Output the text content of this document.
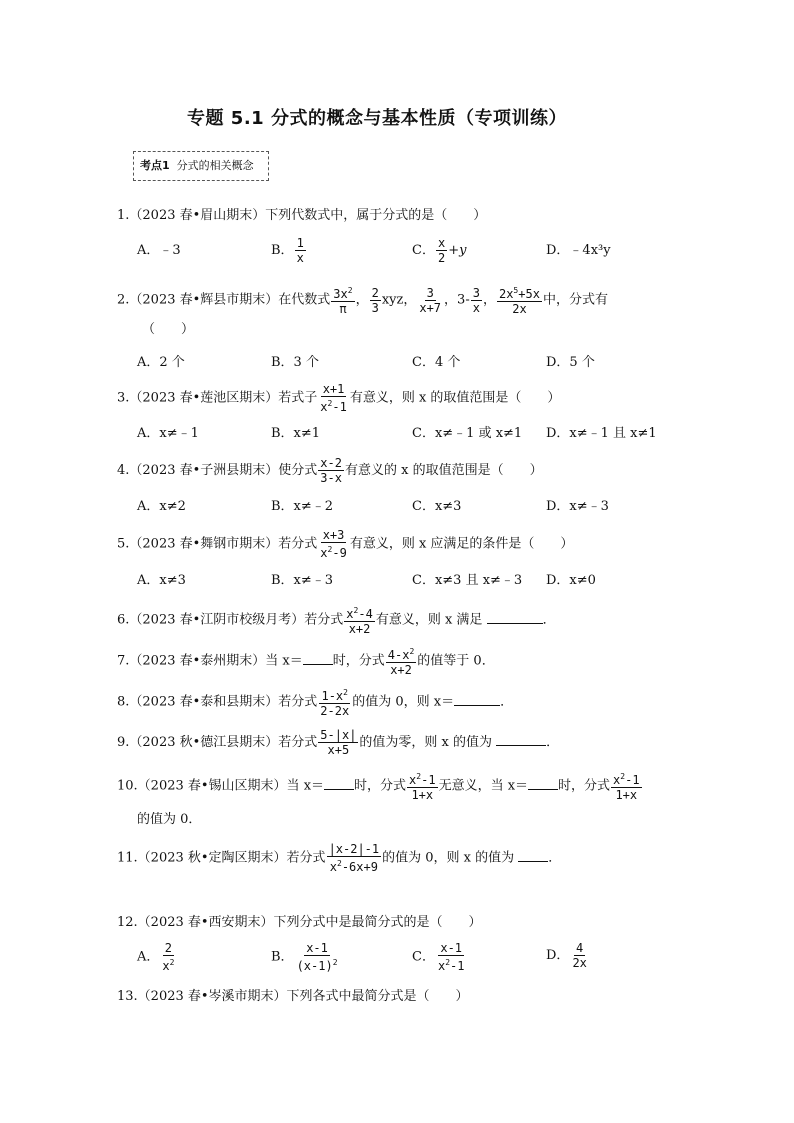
专题 5.1 分式的概念与基本性质（专项训练）
考点1 分式的相关概念
1.（2023 春•眉山期末）下列代数式中，属于分式的是（　　）
A．﹣3	B． $\frac{1}{x}$	C． $\frac{x}{2} +y$	D．﹣4x³y
2.（2023 春•辉县市期末）在代数式 $\frac{3x^2}{\pi}$ ， $\frac{2}{3}$ xyz， $\frac{3}{x+7}$ ，$3- \frac{3}{x}$ ， $\frac{2x^5+5x}{2x}$ 中，分式有
（　　）
A．2 个	B．3 个	C．4 个	D．5 个
3.（2023 春•莲池区期末）若式子 $\frac{x+1}{x^2-1}$ 有意义，则 x 的取值范围是（　　）
A．x≠﹣1	B．x≠1	C．x≠﹣1 或 x≠1 D．x≠﹣1 且 x≠1
4.（2023 春•子洲县期末）使分式 $\frac{x-2}{3-x}$ 有意义的 x 的取值范围是（　　）
A．x≠2	B．x≠﹣2	C．x≠3	D．x≠﹣3
5.（2023 春•舞钢市期末）若分式 $\frac{x+3}{x^2-9}$ 有意义，则 x 应满足的条件是（　　）
A．x≠3	B．x≠﹣3	C．x≠3 且 x≠﹣3 D．x≠0
6.（2023 春•江阴市校级月考）若分式 $\frac{x^2-4}{x+2}$ 有意义，则 x 满足	．
7.（2023 春•泰州期末）当 x＝ 时，分式 $\frac{4-x^2}{x+2}$ 的值等于 0．
8.（2023 春•泰和县期末）若分式 $\frac{1-x^2}{2-2x}$ 的值为 0，则 x＝	．
9.（2023 秋•德江县期末）若分式 $\frac{5-|x|}{x+5}$ 的值为零，则 x 的值为	．
10.（2023 春•锡山区期末）当 x＝ 时，分式 $\frac{x^2-1}{1+x}$ 无意义，当 x＝ 时，分式 $\frac{x^2-1}{1+x}$
的值为 0．
11.（2023 秋•定陶区期末）若分式 $\frac{|x-2|-1}{x^2-6x+9}$ 的值为 0，则 x 的值为	．
12.（2023 春•西安期末）下列分式中是最简分式的是（　　）
A． $\frac{2}{x^2}$	B． $\frac{x-1}{(x-1)^2}$	C． $\frac{x-1}{x^2-1}$	D． $\frac{4}{2x}$
13.（2023 春•岑溪市期末）下列各式中最简分式是（　　）
